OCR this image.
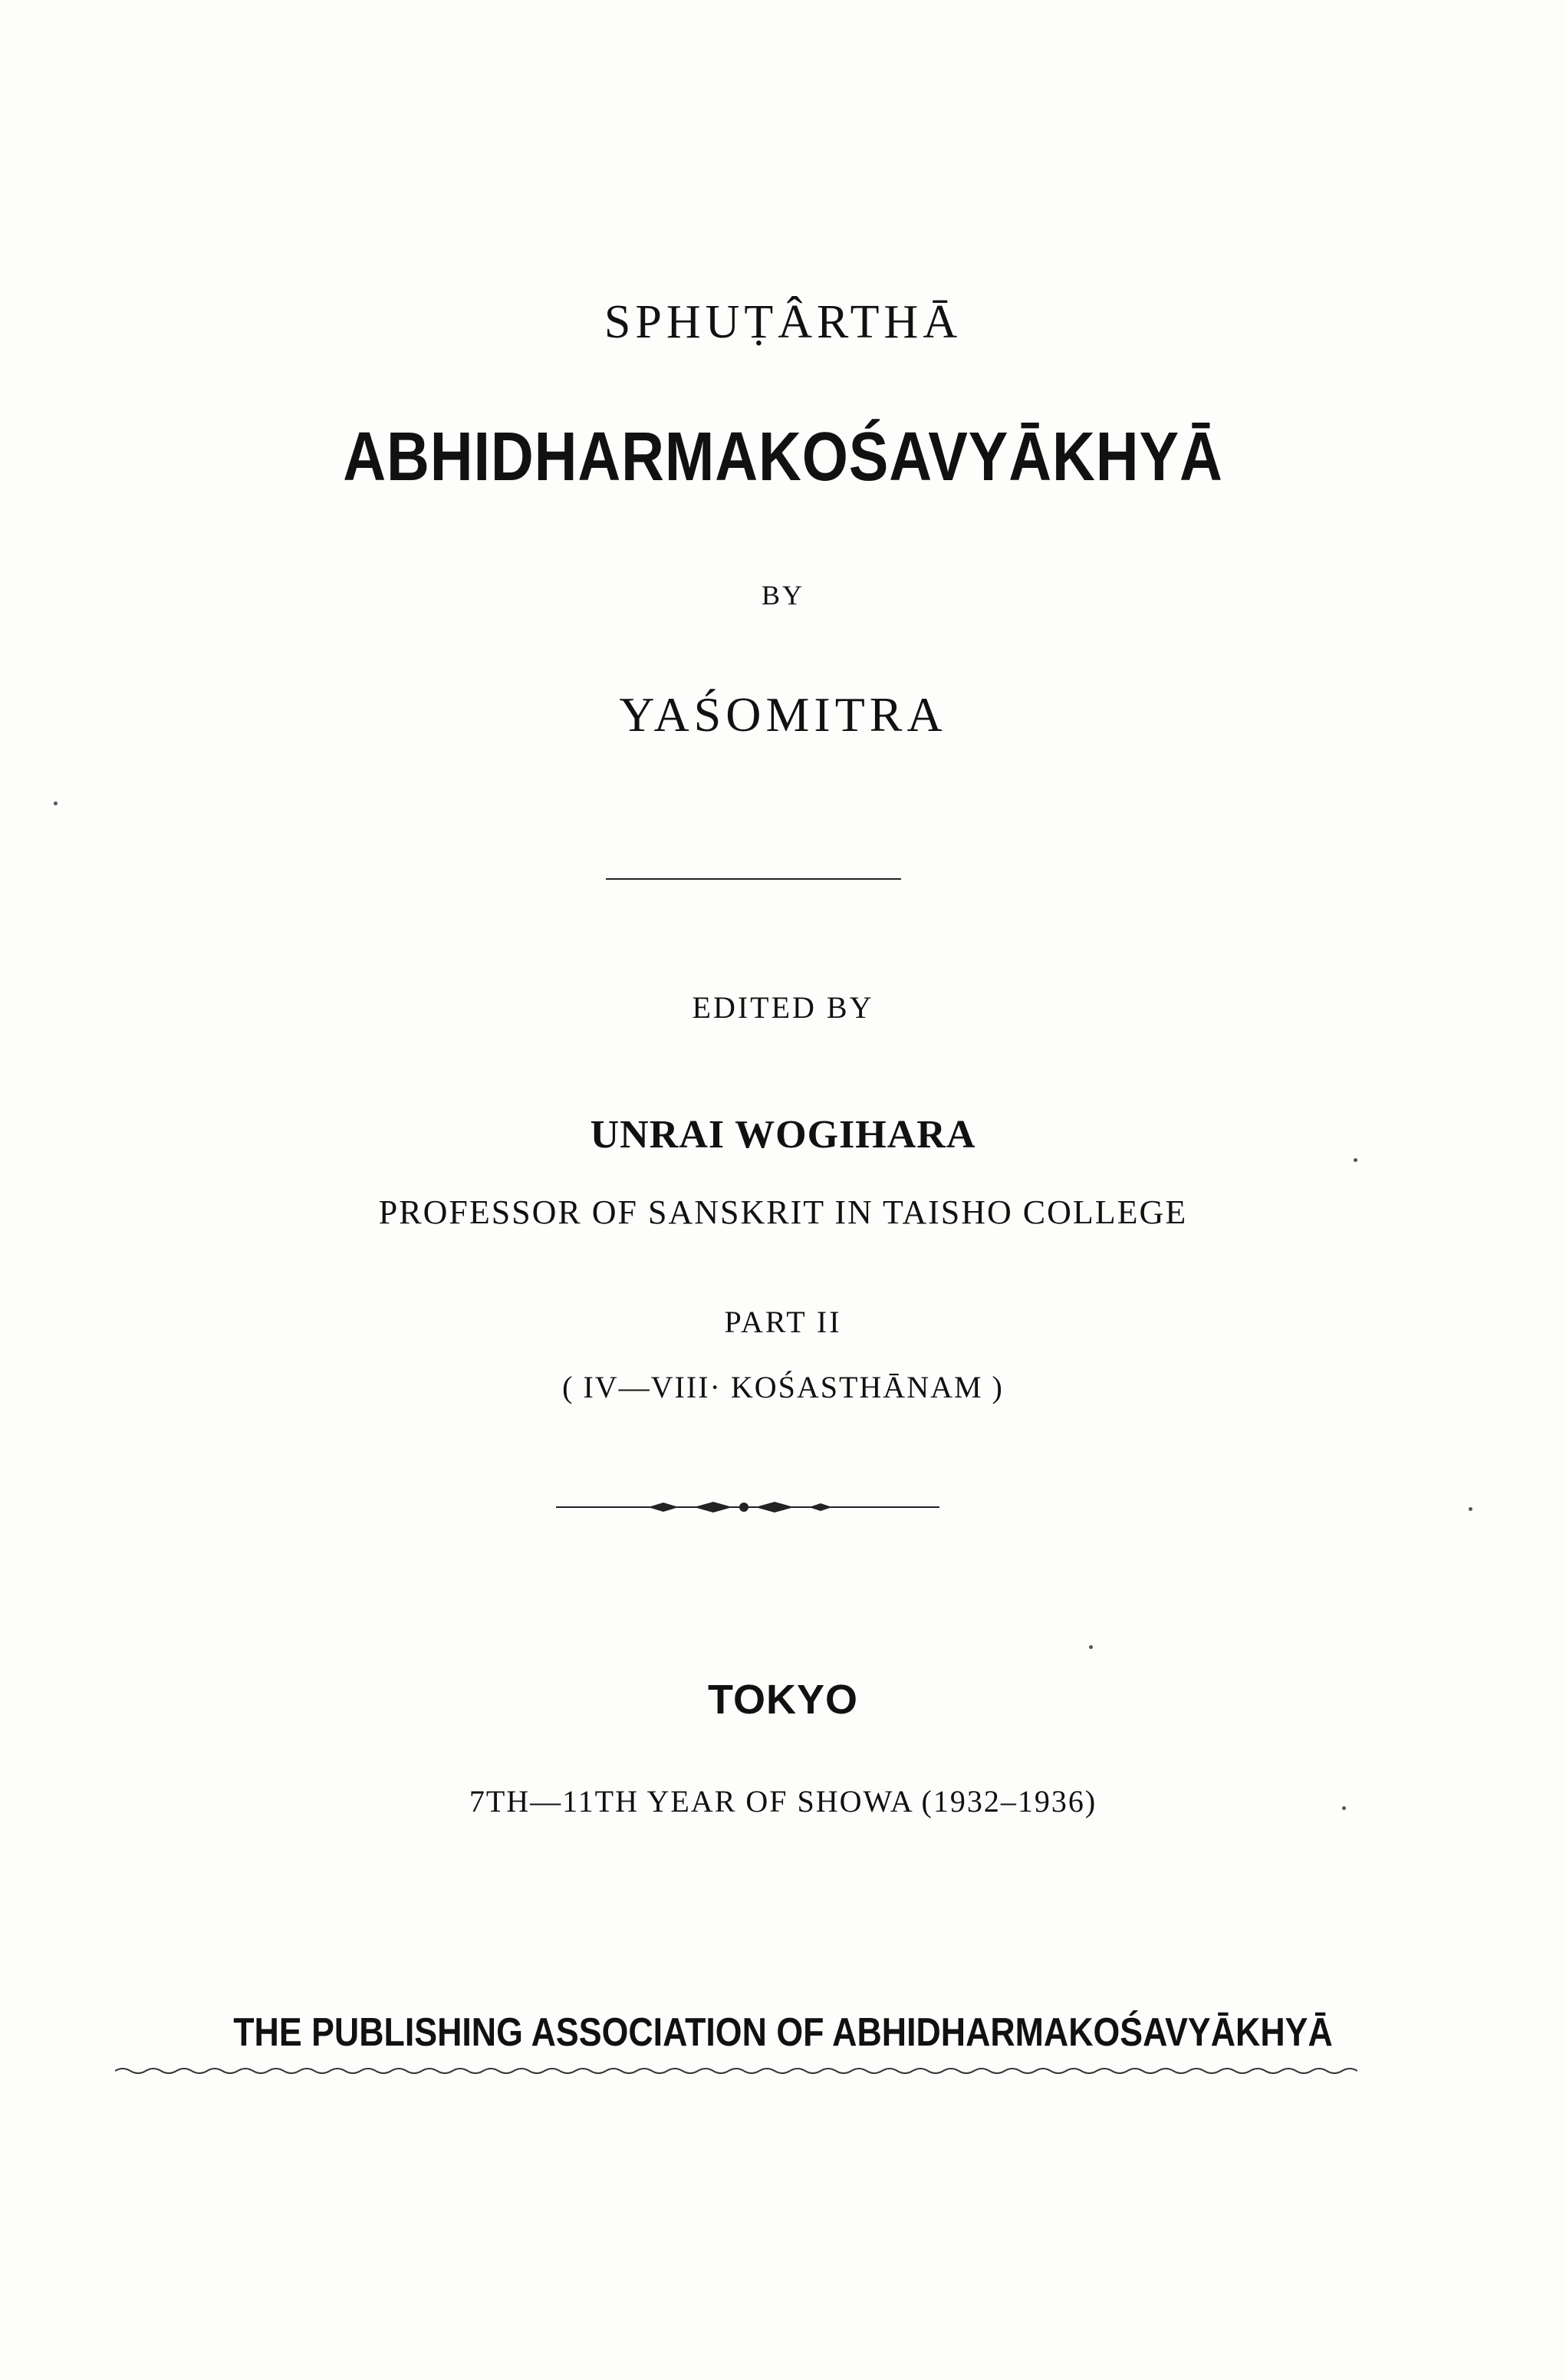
SPHUṬÂRTHĀ
ABHIDHARMAKOŚAVYĀKHYĀ
BY
YAŚOMITRA
EDITED BY
UNRAI WOGIHARA
PROFESSOR OF SANSKRIT IN TAISHO COLLEGE
PART II
( IV—VIII· KOŚASTHĀNAM )
TOKYO
7TH—11TH YEAR OF SHOWA (1932–1936)
THE PUBLISHING ASSOCIATION OF ABHIDHARMAKOŚAVYĀKHYĀ
